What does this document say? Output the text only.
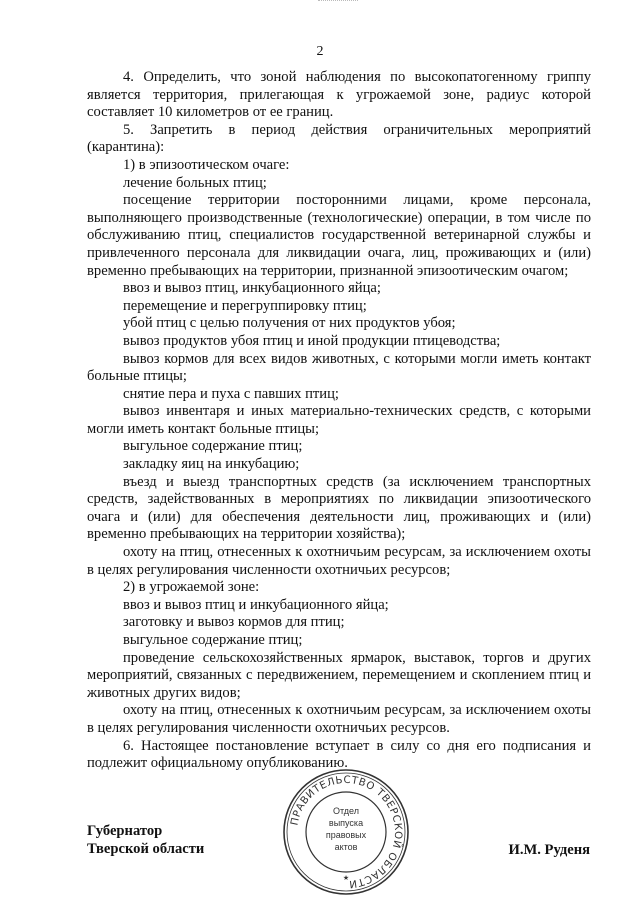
2

4. Определить, что зоной наблюдения по высокопатогенному гриппу является территория, прилегающая к угрожаемой зоне, радиус которой составляет 10 километров от ее границ.

5. Запретить в период действия ограничительных мероприятий (карантина):

1) в эпизоотическом очаге:

лечение больных птиц;

посещение территории посторонними лицами, кроме персонала, выполняющего производственные (технологические) операции, в том числе по обслуживанию птиц, специалистов государственной ветеринарной службы и привлеченного персонала для ликвидации очага, лиц, проживающих и (или) временно пребывающих на территории, признанной эпизоотическим очагом;

ввоз и вывоз птиц, инкубационного яйца;

перемещение и перегруппировку птиц;

убой птиц с целью получения от них продуктов убоя;

вывоз продуктов убоя птиц и иной продукции птицеводства;

вывоз кормов для всех видов животных, с которыми могли иметь контакт больные птицы;

снятие пера и пуха с павших птиц;

вывоз инвентаря и иных материально-технических средств, с которыми могли иметь контакт больные птицы;

выгульное содержание птиц;

закладку яиц на инкубацию;

въезд и выезд транспортных средств (за исключением транспортных средств, задействованных в мероприятиях по ликвидации эпизоотического очага и (или) для обеспечения деятельности лиц, проживающих и (или) временно пребывающих на территории хозяйства);

охоту на птиц, отнесенных к охотничьим ресурсам, за исключением охоты в целях регулирования численности охотничьих ресурсов;

2) в угрожаемой зоне:

ввоз и вывоз птиц и инкубационного яйца;

заготовку и вывоз кормов для птиц;

выгульное содержание птиц;

проведение сельскохозяйственных ярмарок, выставок, торгов и других мероприятий, связанных с передвижением, перемещением и скоплением птиц и животных других видов;

охоту на птиц, отнесенных к охотничьим ресурсам, за исключением охоты в целях регулирования численности охотничьих ресурсов.

6. Настоящее постановление вступает в силу со дня его подписания и подлежит официальному опубликованию.

ПРАВИТЕЛЬСТВО ТВЕРСКОЙ ОБЛАСТИ
Отдел
выпуска
правовых
актов
★
Губернатор
Тверской области	И.М. Руденя
